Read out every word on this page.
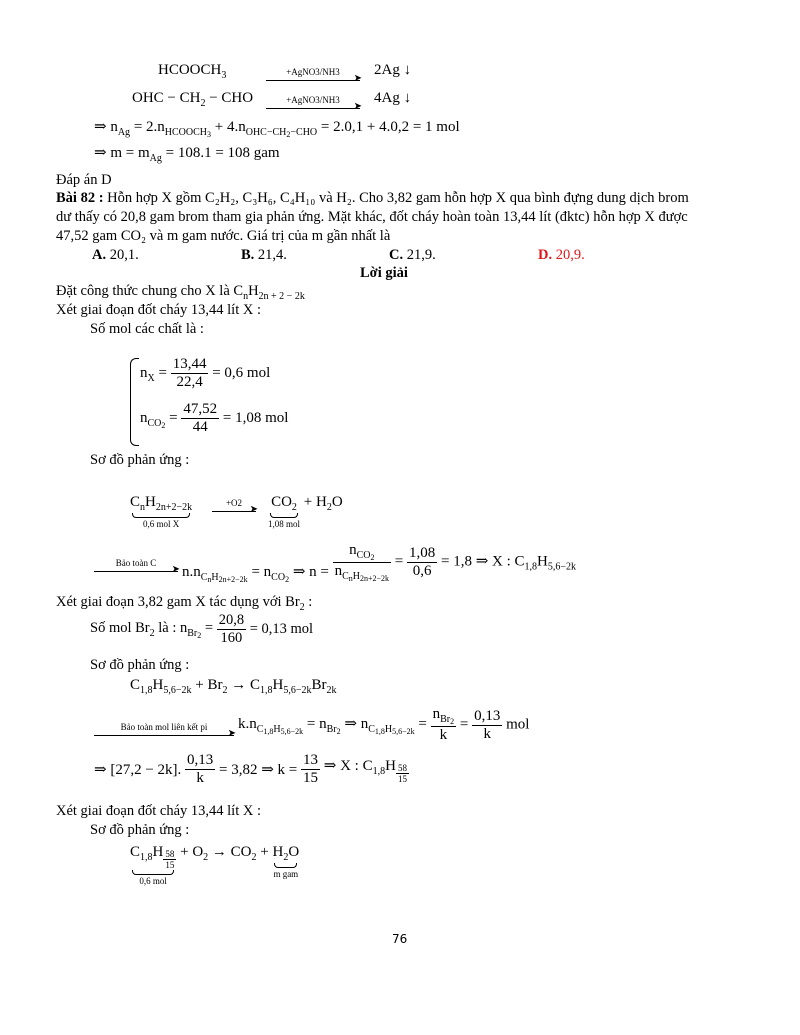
$HCOOCH_3$	+AgNO3/NH3
➤
2Ag ↓
OHC − $CH_2$ − CHO	+AgNO3/NH3
➤
4Ag ↓
⇒ $n_{Ag} = 2.n_{HCOOCH3} + 4.n_{OHC-CH2-CHO} = 2.0,1 + 4.0,2 = 1$ mol
⇒ $m = m_{Ag} = 108.1 = 108$ gam
Đáp án D
Bài 82 : Hỗn hợp X gồm C₂H₂, C₃H₆, C₄H₁₀ và H₂. Cho 3,82 gam hỗn hợp X qua bình đựng dung dịch brom
dư thấy có 20,8 gam brom tham gia phản ứng. Mặt khác, đốt cháy hoàn toàn 13,44 lít (đktc) hỗn hợp X được
47,52 gam CO₂ và m gam nước. Giá trị của m gần nhất là
A. 20,1.	B. 21,4.	C. 21,9.	D. 20,9.
Lời giải
Đặt công thức chung cho X là $C_nH_{2n + 2 - 2k}$
Xét giai đoạn đốt cháy 13,44 lít X :
Số mol các chất là :
$n_X = \frac{13,44}{22,4} = 0,6$ mol
$n_{CO2} = \frac{47,52}{44} = 1,08$ mol
Sơ đồ phản ứng :
$C_nH_{2n+2-2k}$
0,6 mol X
+O2
➤ $CO_2$
1,08 mol
+ $H_2O$
Bảo toàn C
➤ $n.n_{CnH2n+2-2k} = n_{CO2}$ ⇒ $n = \frac{n_{CO2}}{n_{CnH2n+2-2k}} = \frac{1,08}{0,6} = 1,8$ ⇒ X : $C_{1,8}H_{5,6-2k}$
Xét giai đoạn 3,82 gam X tác dụng với $Br_2$ :
Số mol $Br_2$ là : $n_{Br2} = \frac{20,8}{160} = 0,13$ mol
Sơ đồ phản ứng :
$C_{1,8}H_{5,6-2k} + Br_2 \to C_{1,8}H_{5,6-2k}Br_{2k}$
Bảo toàn mol liên kết pi
➤
$k.n_{C1,8H5,6-2k} = n_{Br2}$ ⇒ $n_{C1,8H5,6-2k} = \frac{n_{Br2}}{k} = \frac{0,13}{k}$ mol
⇒ [27,2 − 2k]. $\frac{0,13}{k} = 3,82$ ⇒ $k = \frac{13}{15}$ ⇒ X : $C_{1,8}H \frac{58}{15}$
Xét giai đoạn đốt cháy 13,44 lít X :
Sơ đồ phản ứng :
$C_{1,8}H \frac{58}{15}$
0,6 mol
+ $O_2 \to CO_2 + H_2O$
m gam
76
